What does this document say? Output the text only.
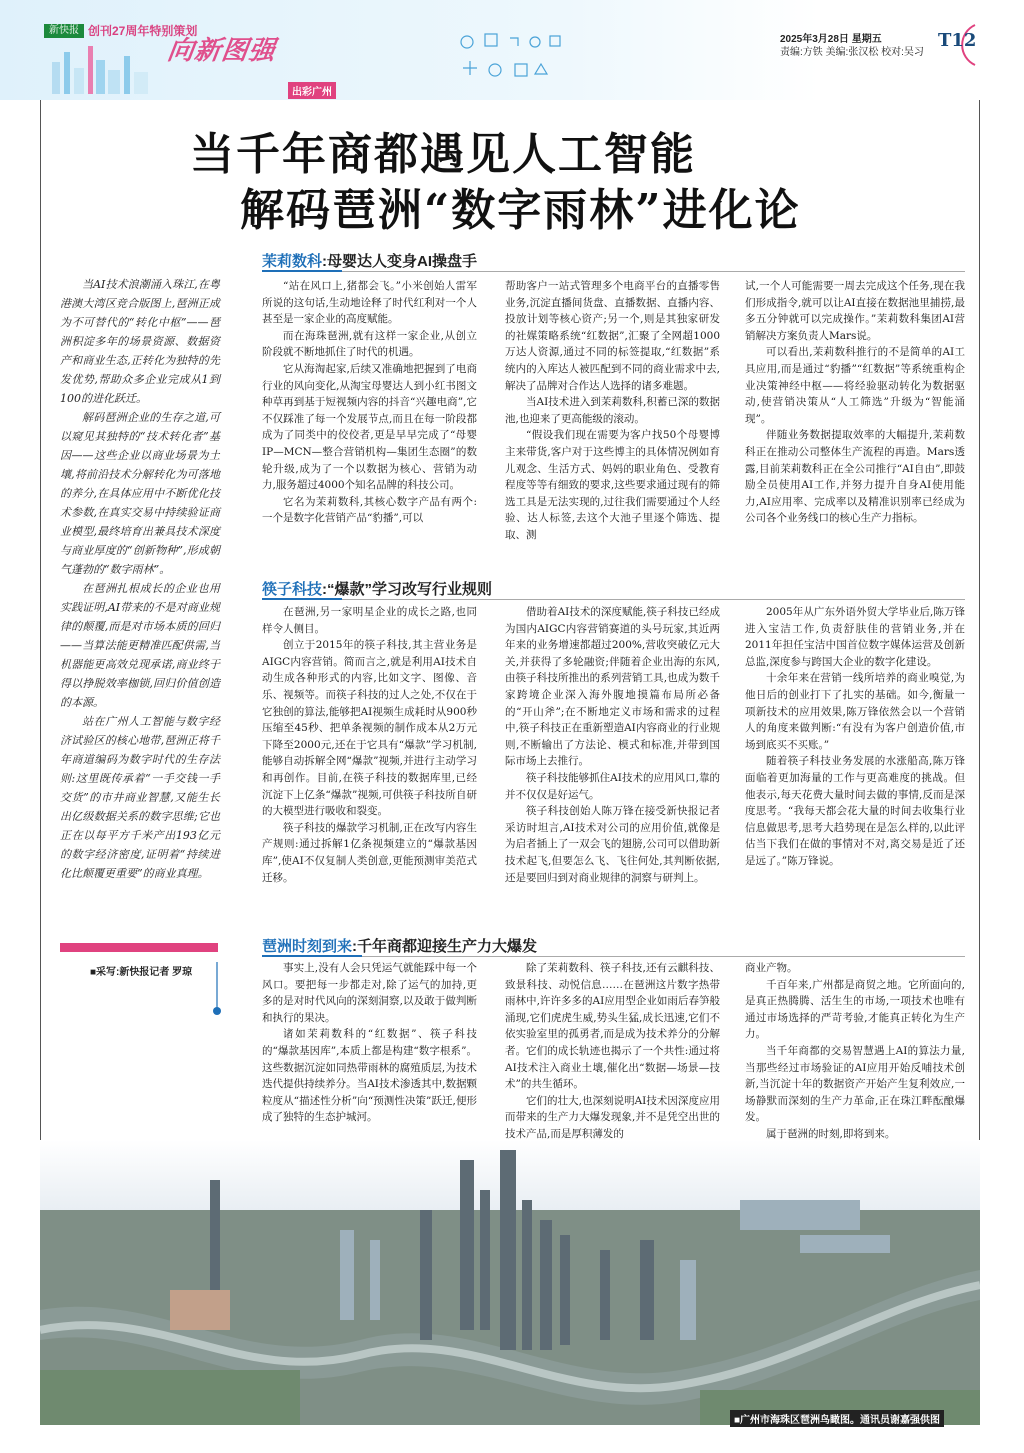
新快报 创刊27周年特别策划
向新图强
出彩广州
2025年3月28日 星期五
责编:方铁 美编:张汉松 校对:吴习
T12
当千年商都遇见人工智能
解码琶洲“数字雨林”进化论

当AI技术浪潮涌入珠江,在粤港澳大湾区竞合版图上,琶洲正成为不可替代的“转化中枢”——琶洲积淀多年的场景资源、数据资产和商业生态,正转化为独特的先发优势,帮助众多企业完成从1到100的进化跃迁。

解码琶洲企业的生存之道,可以窥见其独特的“技术转化者”基因——这些企业以商业场景为土壤,将前沿技术分解转化为可落地的养分,在具体应用中不断优化技术参数,在真实交易中持续验证商业模型,最终培育出兼具技术深度与商业厚度的“创新物种”,形成朝气蓬勃的“数字雨林”。

在琶洲扎根成长的企业也用实践证明,AI带来的不是对商业规律的颠覆,而是对市场本质的回归——当算法能更精准匹配供需,当机器能更高效兑现承诺,商业终于得以挣脱效率枷锁,回归价值创造的本源。

站在广州人工智能与数字经济试验区的核心地带,琶洲正将千年商道编码为数字时代的生存法则:这里既传承着“一手交钱一手交货”的市井商业智慧,又能生长出亿级数据关系的数字思维;它也正在以每平方千米产出193亿元的数字经济密度,证明着“持续进化比颠覆更重要”的商业真理。

■采写:新快报记者 罗琼
茉莉数科:母婴达人变身AI操盘手

“站在风口上,猪都会飞。”小米创始人雷军所说的这句话,生动地诠释了时代红利对一个人甚至是一家企业的高度赋能。

而在海珠琶洲,就有这样一家企业,从创立阶段就不断地抓住了时代的机遇。

它从海淘起家,后续又准确地把握到了电商行业的风向变化,从淘宝母婴达人到小红书图文种草再到基于短视频内容的抖音“兴趣电商”,它不仅踩准了每一个发展节点,而且在每一阶段都成为了同类中的佼佼者,更是早早完成了“母婴IP—MCN—整合营销机构—集团生态圈”的数轮升级,成为了一个以数据为核心、营销为动力,服务超过4000个知名品牌的科技公司。

它名为茉莉数科,其核心数字产品有两个:一个是数字化营销产品“豹播”,可以

帮助客户一站式管理多个电商平台的直播零售业务,沉淀直播间货盘、直播数据、直播内容、投放计划等核心资产;另一个,则是其独家研发的社媒策略系统“红数据”,汇聚了全网超1000万达人资源,通过不同的标签提取,“红数据”系统内的入库达人被匹配到不同的商业需求中去,解决了品牌对合作达人选择的诸多难题。

当AI技术进入到茉莉数科,积蓄已深的数据池,也迎来了更高能级的滚动。

“假设我们现在需要为客户找50个母婴博主来带货,客户对于这些博主的具体情况例如育儿观念、生活方式、妈妈的职业角色、受教育程度等等有细致的要求,这些要求通过现有的筛选工具是无法实现的,过往我们需要通过个人经验、达人标签,去这个大池子里逐个筛选、提取、测

试,一个人可能需要一周去完成这个任务,现在我们形成指令,就可以让AI直接在数据池里捕捞,最多五分钟就可以完成操作。”茉莉数科集团AI营销解决方案负责人Mars说。

可以看出,茉莉数科推行的不是简单的AI工具应用,而是通过“豹播”“红数据”等系统重构企业决策神经中枢——将经验驱动转化为数据驱动,使营销决策从“人工筛选”升级为“智能涌现”。

伴随业务数据提取效率的大幅提升,茉莉数科正在推动公司整体生产流程的再造。Mars透露,目前茉莉数科正在全公司推行“AI自由”,即鼓励全员使用AI工作,并努力提升自身AI使用能力,AI应用率、完成率以及精准识别率已经成为公司各个业务线口的核心生产力指标。

筷子科技:“爆款”学习改写行业规则

在琶洲,另一家明星企业的成长之路,也同样令人侧目。

创立于2015年的筷子科技,其主营业务是AIGC内容营销。简而言之,就是利用AI技术自动生成各种形式的内容,比如文字、图像、音乐、视频等。而筷子科技的过人之处,不仅在于它独创的算法,能够把AI视频生成耗时从900秒压缩至45秒、把单条视频的制作成本从2万元下降至2000元,还在于它具有“爆款”学习机制,能够自动拆解全网“爆款”视频,并进行主动学习和再创作。目前,在筷子科技的数据库里,已经沉淀下上亿条“爆款”视频,可供筷子科技所自研的大模型进行吸收和裂变。

筷子科技的爆款学习机制,正在改写内容生产规则:通过拆解1亿条视频建立的“爆款基因库”,使AI不仅复制人类创意,更能预测审美范式迁移。

借助着AI技术的深度赋能,筷子科技已经成为国内AIGC内容营销赛道的头号玩家,其近两年来的业务增速都超过200%,营收突破亿元大关,并获得了多轮融资;伴随着企业出海的东风,由筷子科技所推出的系列营销工具,也成为数千家跨境企业深入海外腹地摸篇布局所必备的“开山斧”;在不断地定义市场和需求的过程中,筷子科技正在重新塑造AI内容商业的行业规则,不断输出了方法论、模式和标准,并带到国际市场上去推行。

筷子科技能够抓住AI技术的应用风口,靠的并不仅仅是好运气。

筷子科技创始人陈万锋在接受新快报记者采访时坦言,AI技术对公司的应用价值,就像是为启者插上了一双会飞的翅膀,公司可以借助新技术起飞,但要怎么飞、飞往何处,其判断依据,还是要回归到对商业规律的洞察与研判上。

2005年从广东外语外贸大学毕业后,陈万锋进入宝洁工作,负责舒肤佳的营销业务,并在2011年担任宝洁中国首位数字媒体运营及创新总监,深度参与跨国大企业的数字化建设。

十余年来在营销一线所培养的商业嗅觉,为他日后的创业打下了扎实的基础。如今,衡量一项新技术的应用效果,陈万锋依然会以一个营销人的角度来做判断:“有没有为客户创造价值,市场到底买不买账。”

随着筷子科技业务发展的水涨船高,陈万锋面临着更加海量的工作与更高难度的挑战。但他表示,每天花费大量时间去做的事情,反而是深度思考。“我每天都会花大量的时间去收集行业信息做思考,思考大趋势现在是怎么样的,以此评估当下我们在做的事情对不对,离交易是近了还是远了。”陈万锋说。

琶洲时刻到来:千年商都迎接生产力大爆发

事实上,没有人会只凭运气就能踩中每一个风口。要把每一步都走对,除了运气的加持,更多的是对时代风向的深刻洞察,以及敢于做判断和执行的果决。

诸如茉莉数科的“红数据”、筷子科技的“爆款基因库”,本质上都是构建“数字根系”。这些数据沉淀如同热带雨林的腐殖质层,为技术迭代提供持续养分。当AI技术渗透其中,数据颗粒度从“描述性分析”向“预测性决策”跃迁,便形成了独特的生态护城河。

除了茉莉数科、筷子科技,还有云麒科技、致景科技、动悦信息……在琶洲这片数字热带雨林中,许许多多的AI应用型企业如雨后春笋般涌现,它们虎虎生威,势头生猛,成长迅速,它们不依实验室里的孤勇者,而是成为技术养分的分解者。它们的成长轨迹也揭示了一个共性:通过将AI技术注入商业土壤,催化出“数据—场景—技术”的共生循环。

它们的壮大,也深刻说明AI技术因深度应用而带来的生产力大爆发现象,并不是凭空出世的技术产品,而是厚积薄发的

商业产物。

千百年来,广州都是商贸之地。它所面向的,是真正热腾腾、活生生的市场,一项技术也唯有通过市场选择的严苛考验,才能真正转化为生产力。

当千年商都的交易智慧遇上AI的算法力量,当那些经过市场验证的AI应用开始反哺技术创新,当沉淀十年的数据资产开始产生复利效应,一场静默而深刻的生产力革命,正在珠江畔酝酿爆发。

属于琶洲的时刻,即将到来。

■广州市海珠区琶洲鸟瞰图。通讯员谢嘉强供图
